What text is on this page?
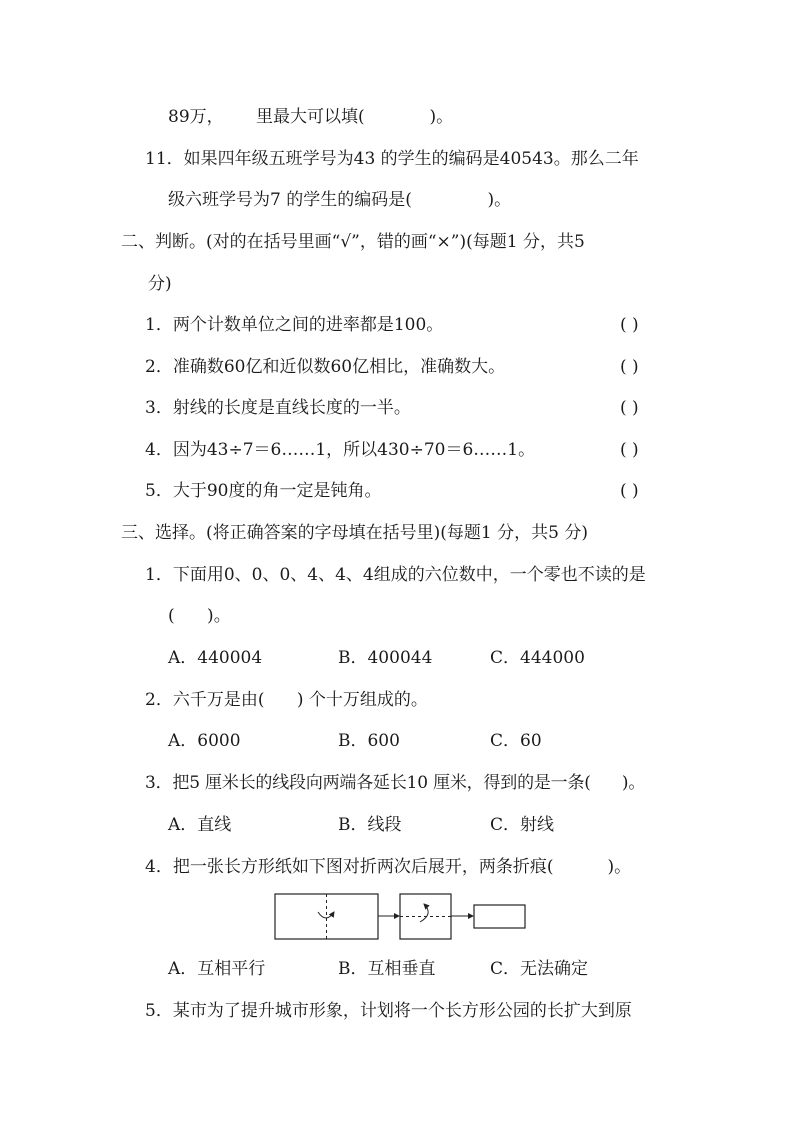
89万，      里最大可以填(            )。
11．如果四年级五班学号为43 的学生的编码是40543。那么二年
级六班学号为7 的学生的编码是(              )。
二、判断。(对的在括号里画“√”，错的画“×”)(每题1 分，共5
分)
1．两个计数单位之间的进率都是100。	( )
2．准确数60亿和近似数60亿相比，准确数大。	( )
3．射线的长度是直线长度的一半。	( )
4．因为43÷7＝6……1，所以430÷70＝6……1。	( )
5．大于90度的角一定是钝角。	( )
三、选择。(将正确答案的字母填在括号里)(每题1 分，共5 分)
1．下面用0、0、0、4、4、4组成的六位数中，一个零也不读的是
(      )。
A．440004	B．400044	C．444000
2．六千万是由(      ) 个十万组成的。
A．6000	B．600	C．60
3．把5 厘米长的线段向两端各延长10 厘米，得到的是一条(      )。
A．直线	B．线段	C．射线
4．把一张长方形纸如下图对折两次后展开，两条折痕(          )。
A．互相平行	B．互相垂直	C．无法确定
5．某市为了提升城市形象，计划将一个长方形公园的长扩大到原
